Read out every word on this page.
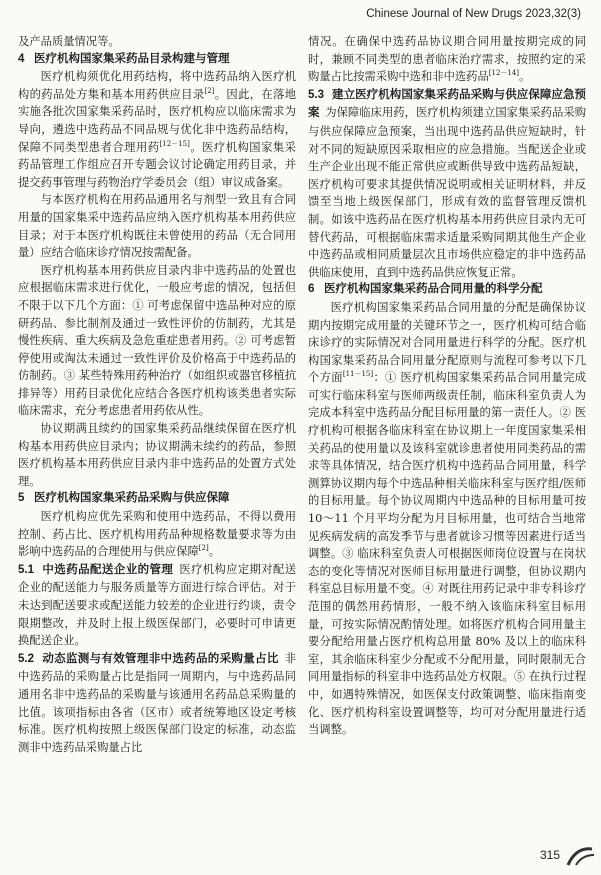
Chinese Journal of New Drugs 2023,32(3)

及产品质量情况等。

4 医疗机构国家集采药品目录构建与管理

医疗机构须优化用药结构，将中选药品纳入医疗机构的药品处方集和基本用药供应目录[2]。因此，在落地实施各批次国家集采药品时，医疗机构应以临床需求为导向，遴选中选药品不同品规与优化非中选药品结构，保障不同类型患者合理用药[12－15]。医疗机构国家集采药品管理工作组应召开专题会议讨论确定用药目录，并提交药事管理与药物治疗学委员会（组）审议成备案。

与本医疗机构在用药品通用名与剂型一致且有合同用量的国家集采中选药品应纳入医疗机构基本用药供应目录；对于本医疗机构既往未曾使用的药品（无合同用量）应结合临床诊疗情况按需配备。

医疗机构基本用药供应目录内非中选药品的处置也应根据临床需求进行优化，一般应考虑的情况，包括但不限于以下几个方面：① 可考虑保留中选品种对应的原研药品、参比制剂及通过一致性评价的仿制药，尤其是慢性疾病、重大疾病及急危重症患者用药。② 可考虑暂停使用或淘汰未通过一致性评价及价格高于中选药品的仿制药。③ 某些特殊用药种治疗（如组织或器官移植抗排异等）用药目录优化应结合各医疗机构该类患者实际临床需求，充分考虑患者用药依从性。

协议期满且续约的国家集采药品继续保留在医疗机构基本用药供应目录内；协议期满未续约的药品，参照医疗机构基本用药供应目录内非中选药品的处置方式处理。

5 医疗机构国家集采药品采购与供应保障

医疗机构应优先采购和使用中选药品，不得以费用控制、药占比、医疗机构用药品种规格数量要求等为由影响中选药品的合理使用与供应保障[2]。

5.1 中选药品配送企业的管理  医疗机构应定期对配送企业的配送能力与服务质量等方面进行综合评估。对于未达到配送要求或配送能力较差的企业进行约谈，责令限期整改，并及时上报上级医保部门，必要时可申请更换配送企业。

5.2 动态监测与有效管理非中选药品的采购量占比  非中选药品的采购量占比是指同一周期内，与中选药品同通用名非中选药品的采购量与该通用名药品总采购量的比值。该项指标由各省（区市）或者统筹地区设定考核标准。医疗机构按照上级医保部门设定的标准，动态监测非中选药品采购量占比

情况。在确保中选药品协议期合同用量按期完成的同时，兼顾不同类型的患者临床治疗需求，按照约定的采购量占比按需采购中选和非中选药品[12－14]。

5.3 建立医疗机构国家集采药品采购与供应保障应急预案  为保障临床用药，医疗机构须建立国家集采药品采购与供应保障应急预案，当出现中选药品供应短缺时，针对不同的短缺原因采取相应的应急措施。当配送企业或生产企业出现不能正常供应或断供导致中选药品短缺，医疗机构可要求其提供情况说明或相关证明材料，并反馈至当地上级医保部门，形成有效的监督管理反馈机制。如该中选药品在医疗机构基本用药供应目录内无可替代药品，可根据临床需求适量采购同期其他生产企业中选药品或相同质量层次且市场供应稳定的非中选药品供临床使用，直到中选药品供应恢复正常。

6 医疗机构国家集采药品合同用量的科学分配

医疗机构国家集采药品合同用量的分配是确保协议期内按期完成用量的关键环节之一，医疗机构可结合临床诊疗的实际情况对合同用量进行科学的分配。医疗机构国家集采药品合同用量分配原则与流程可参考以下几个方面[11－15]：① 医疗机构国家集采药品合同用量完成可实行临床科室与医师两级责任制，临床科室负责人为完成本科室中选药品分配目标用量的第一责任人。② 医疗机构可根据各临床科室在协议期上一年度国家集采相关药品的使用量以及该科室就诊患者使用同类药品的需求等具体情况，结合医疗机构中选药品合同用量，科学测算协议期内每个中选品种相关临床科室与医疗组/医师的目标用量。每个协议周期内中选品种的目标用量可按 10～11 个月平均分配为月目标用量，也可结合当地常见疾病发病的高发季节与患者就诊习惯等因素进行适当调整。③ 临床科室负责人可根据医师岗位设置与在岗状态的变化等情况对医师目标用量进行调整，但协议期内科室总目标用量不变。④ 对既往用药记录中非专科诊疗范围的偶然用药情形，一般不纳入该临床科室目标用量，可按实际情况酌情处理。如将医疗机构合同用量主要分配给用量占医疗机构总用量 80% 及以上的临床科室，其余临床科室少分配或不分配用量，同时限制无合同用量指标的科室非中选药品处方权限。⑤ 在执行过程中，如遇特殊情况，如医保支付政策调整、临床指南变化、医疗机构科室设置调整等，均可对分配用量进行适当调整。

315
